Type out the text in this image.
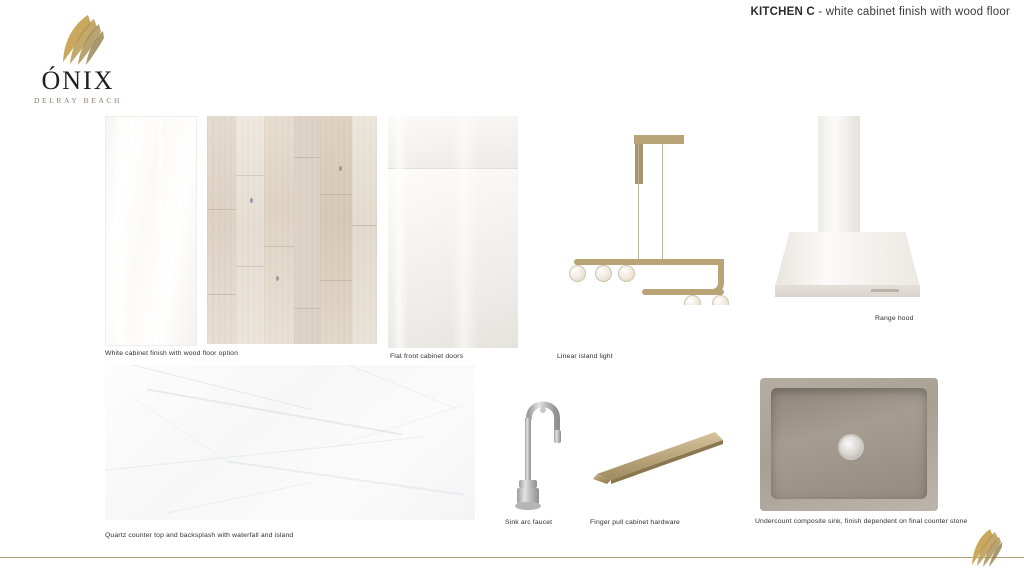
KITCHEN C - white cabinet finish with wood floor
ÓNIX
DELRAY BEACH
White cabinet finish with wood floor option	Flat front cabinet doors	Linear island light
Range hood
Quartz counter top and backsplash with waterfall and island
Sink arc faucet	Finger pull cabinet hardware	Undercount composite sink, finish dependent on final counter stone
